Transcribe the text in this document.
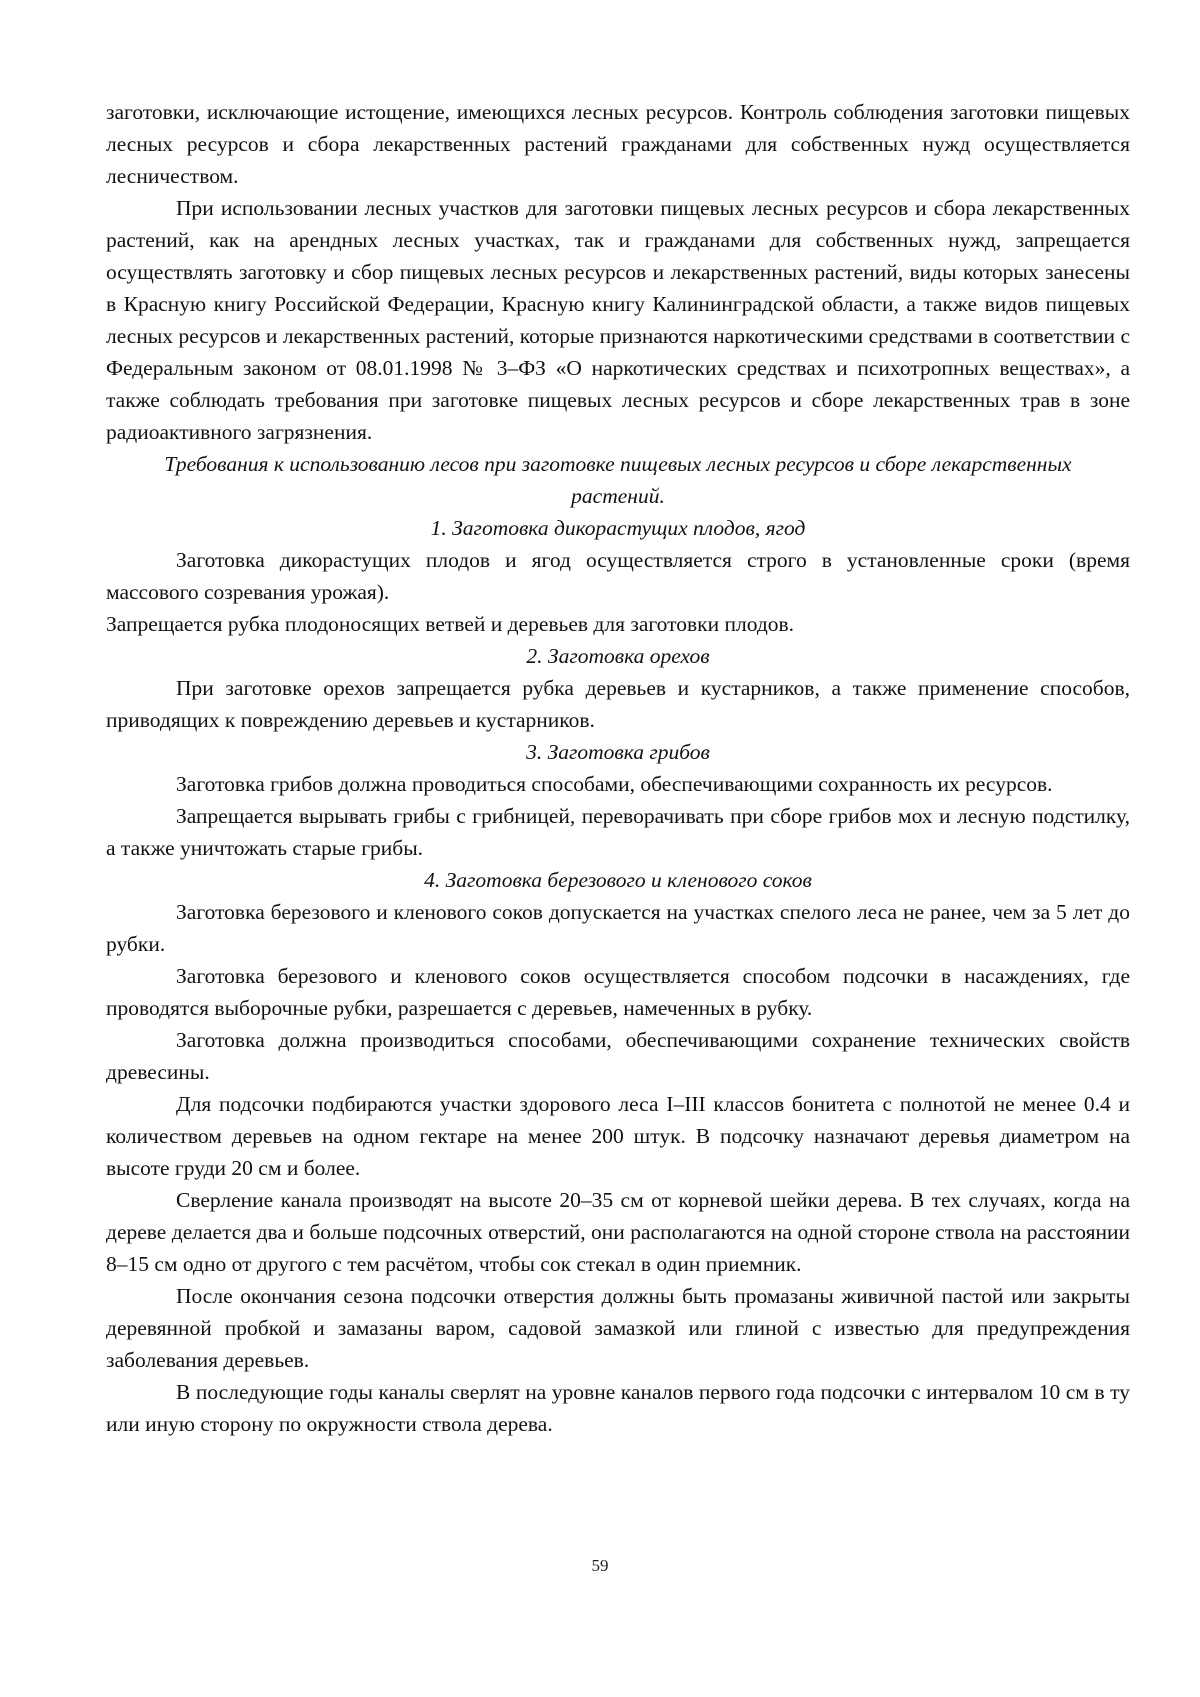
заготовки, исключающие истощение, имеющихся лесных ресурсов. Контроль соблюдения заготовки пищевых лесных ресурсов и сбора лекарственных растений гражданами для собственных нужд осуществляется лесничеством.

При использовании лесных участков для заготовки пищевых лесных ресурсов и сбора лекарственных растений, как на арендных лесных участках, так и гражданами для собственных нужд, запрещается осуществлять заготовку и сбор пищевых лесных ресурсов и лекарственных растений, виды которых занесены в Красную книгу Российской Федерации, Красную книгу Калининградской области, а также видов пищевых лесных ресурсов и лекарственных растений, которые признаются наркотическими средствами в соответствии с Федеральным законом от 08.01.1998 № 3–ФЗ «О наркотических средствах и психотропных веществах», а также соблюдать требования при заготовке пищевых лесных ресурсов и сборе лекарственных трав в зоне радиоактивного загрязнения.

Требования к использованию лесов при заготовке пищевых лесных ресурсов и сборе лекарственных растений.

1. Заготовка дикорастущих плодов, ягод

Заготовка дикорастущих плодов и ягод осуществляется строго в установленные сроки (время массового созревания урожая).

Запрещается рубка плодоносящих ветвей и деревьев для заготовки плодов.

2. Заготовка орехов

При заготовке орехов запрещается рубка деревьев и кустарников, а также применение способов, приводящих к повреждению деревьев и кустарников.

3. Заготовка грибов

Заготовка грибов должна проводиться способами, обеспечивающими сохранность их ресурсов.

Запрещается вырывать грибы с грибницей, переворачивать при сборе грибов мох и лесную подстилку, а также уничтожать старые грибы.

4. Заготовка березового и кленового соков

Заготовка березового и кленового соков допускается на участках спелого леса не ранее, чем за 5 лет до рубки.

Заготовка березового и кленового соков осуществляется способом подсочки в насаждениях, где проводятся выборочные рубки, разрешается с деревьев, намеченных в рубку.

Заготовка должна производиться способами, обеспечивающими сохранение технических свойств древесины.

Для подсочки подбираются участки здорового леса I–III классов бонитета с полнотой не менее 0.4 и количеством деревьев на одном гектаре на менее 200 штук. В подсочку назначают деревья диаметром на высоте груди 20 см и более.

Сверление канала производят на высоте 20–35 см от корневой шейки дерева. В тех случаях, когда на дереве делается два и больше подсочных отверстий, они располагаются на одной стороне ствола на расстоянии 8–15 см одно от другого с тем расчётом, чтобы сок стекал в один приемник.

После окончания сезона подсочки отверстия должны быть промазаны живичной пастой или закрыты деревянной пробкой и замазаны варом, садовой замазкой или глиной с известью для предупреждения заболевания деревьев.

В последующие годы каналы сверлят на уровне каналов первого года подсочки с интервалом 10 см в ту или иную сторону по окружности ствола дерева.

59
